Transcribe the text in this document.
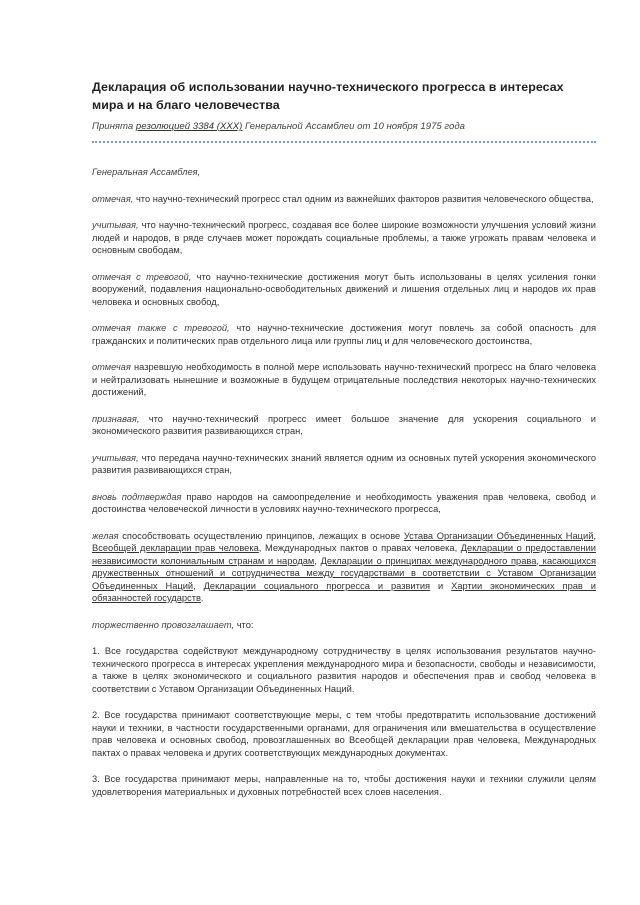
Декларация об использовании научно-технического прогресса в интересах мира и на благо человечества
Принята резолюцией 3384 (XXX) Генеральной Ассамблеи от 10 ноября 1975 года

Генеральная Ассамблея,

отмечая, что научно-технический прогресс стал одним из важнейших факторов развития человеческого общества,

учитывая, что научно-технический прогресс, создавая все более широкие возможности улучшения условий жизни людей и народов, в ряде случаев может порождать социальные проблемы, а также угрожать правам человека и основным свободам,

отмечая с тревогой, что научно-технические достижения могут быть использованы в целях усиления гонки вооружений, подавления национально-освободительных движений и лишения отдельных лиц и народов их прав человека и основных свобод,

отмечая также с тревогой, что научно-технические достижения могут повлечь за собой опасность для гражданских и политических прав отдельного лица или группы лиц и для человеческого достоинства,

отмечая назревшую необходимость в полной мере использовать научно-технический прогресс на благо человека и нейтрализовать нынешние и возможные в будущем отрицательные последствия некоторых научно-технических достижений,

признавая, что научно-технический прогресс имеет большое значение для ускорения социального и экономического развития развивающихся стран,

учитывая, что передача научно-технических знаний является одним из основных путей ускорения экономического развития развивающихся стран,

вновь подтверждая право народов на самоопределение и необходимость уважения прав человека, свобод и достоинства человеческой личности в условиях научно-технического прогресса,

желая способствовать осуществлению принципов, лежащих в основе Устава Организации Объединенных Наций, Всеобщей декларации прав человека, Международных пактов о правах человека, Декларации о предоставлении независимости колониальным странам и народам, Декларации о принципах международного права, касающихся дружественных отношений и сотрудничества между государствами в соответствии с Уставом Организации Объединенных Наций, Декларации социального прогресса и развития и Хартии экономических прав и обязанностей государств.

торжественно провозглашает, что:

1. Все государства содействуют международному сотрудничеству в целях использования результатов научно-технического прогресса в интересах укрепления международного мира и безопасности, свободы и независимости, а также в целях экономического и социального развития народов и обеспечения прав и свобод человека в соответствии с Уставом Организации Объединенных Наций.

2. Все государства принимают соответствующие меры, с тем чтобы предотвратить использование достижений науки и техники, в частности государственными органами, для ограничения или вмешательства в осуществление прав человека и основных свобод, провозглашенных во Всеобщей декларации прав человека, Международных пактах о правах человека и других соответствующих международных документах.

3. Все государства принимают меры, направленные на то, чтобы достижения науки и техники служили целям удовлетворения материальных и духовных потребностей всех слоев населения.
